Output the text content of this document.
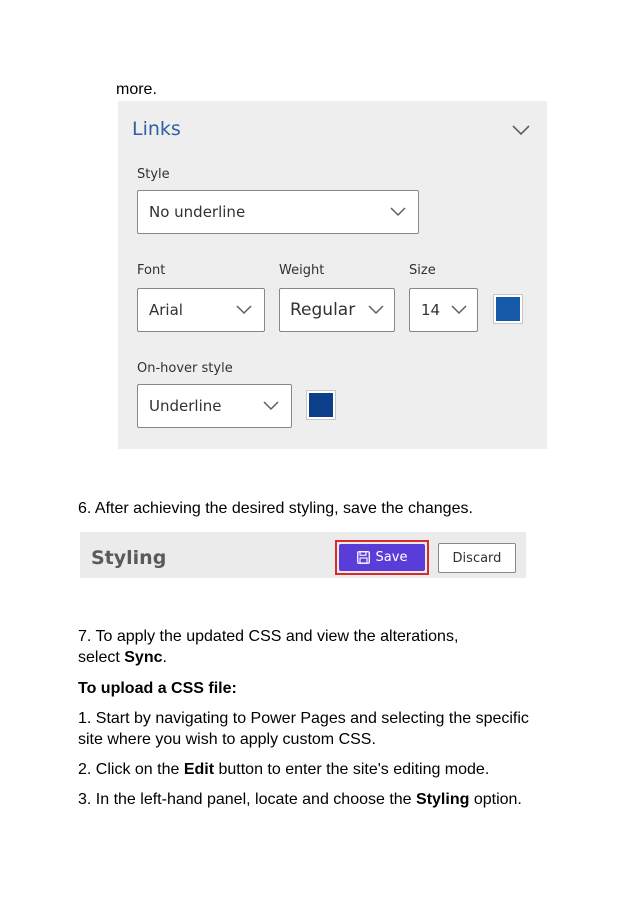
more.
Links
Style
No underline
Font	Weight	Size
Arial	Regular	14
On-hover style
Underline
6. After achieving the desired styling, save the changes.
Styling	Save	Discard
7. To apply the updated CSS and view the alterations,
select Sync.
To upload a CSS file:
1. Start by navigating to Power Pages and selecting the specific
site where you wish to apply custom CSS.
2. Click on the Edit button to enter the site's editing mode.
3. In the left-hand panel, locate and choose the Styling option.
